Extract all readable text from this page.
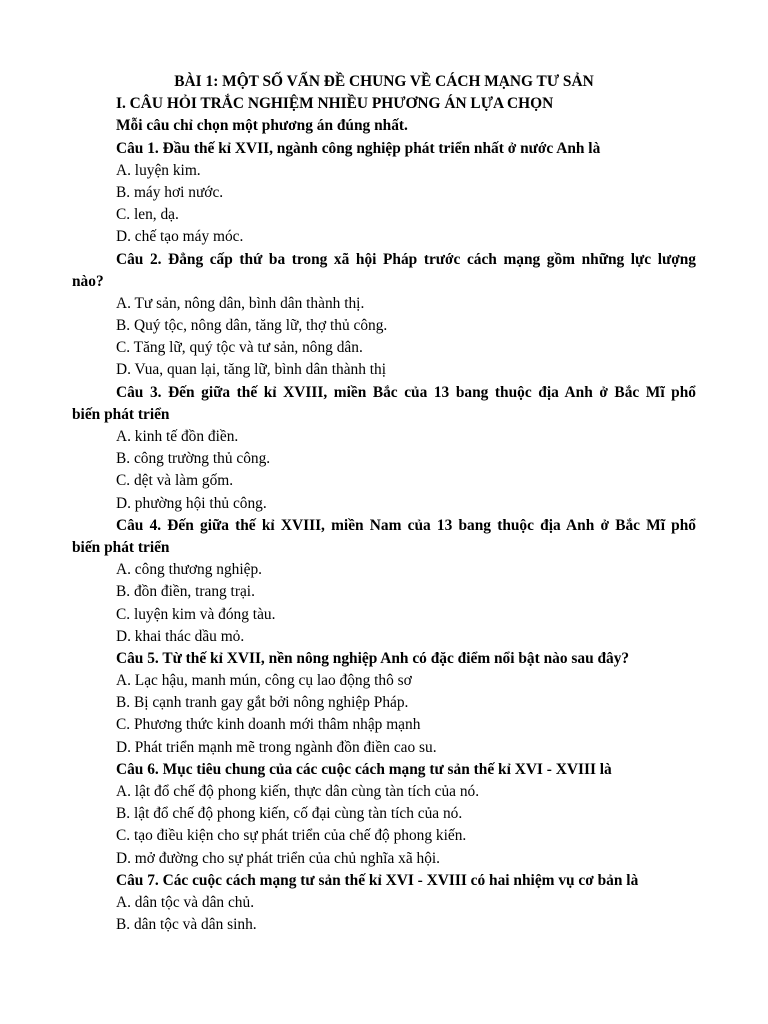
BÀI 1: MỘT SỐ VẤN ĐỀ CHUNG VỀ CÁCH MẠNG TƯ SẢN
I. CÂU HỎI TRẮC NGHIỆM NHIỀU PHƯƠNG ÁN LỰA CHỌN
Mỗi câu chỉ chọn một phương án đúng nhất.
Câu 1. Đầu thế kỉ XVII, ngành công nghiệp phát triển nhất ở nước Anh là
A. luyện kim.
B. máy hơi nước.
C. len, dạ.
D. chế tạo máy móc.
Câu 2. Đẳng cấp thứ ba trong xã hội Pháp trước cách mạng gồm những lực lượng
nào?
A. Tư sản, nông dân, bình dân thành thị.
B. Quý tộc, nông dân, tăng lữ, thợ thủ công.
C. Tăng lữ, quý tộc và tư sản, nông dân.
D. Vua, quan lại, tăng lữ, bình dân thành thị
Câu 3. Đến giữa thế kỉ XVIII, miền Bắc của 13 bang thuộc địa Anh ở Bắc Mĩ phổ
biến phát triển
A. kinh tế đồn điền.
B. công trường thủ công.
C. dệt và làm gốm.
D. phường hội thủ công.
Câu 4. Đến giữa thế kỉ XVIII, miền Nam của 13 bang thuộc địa Anh ở Bắc Mĩ phổ
biến phát triển
A. công thương nghiệp.
B. đồn điền, trang trại.
C. luyện kim và đóng tàu.
D. khai thác dầu mỏ.
Câu 5. Từ thế kỉ XVII, nền nông nghiệp Anh có đặc điểm nổi bật nào sau đây?
A. Lạc hậu, manh mún, công cụ lao động thô sơ
B. Bị cạnh tranh gay gắt bởi nông nghiệp Pháp.
C. Phương thức kinh doanh mới thâm nhập mạnh
D. Phát triển mạnh mẽ trong ngành đồn điền cao su.
Câu 6. Mục tiêu chung của các cuộc cách mạng tư sản thế kỉ XVI - XVIII là
A. lật đổ chế độ phong kiến, thực dân cùng tàn tích của nó.
B. lật đổ chế độ phong kiến, cố đại cùng tàn tích của nó.
C. tạo điều kiện cho sự phát triển của chế độ phong kiến.
D. mở đường cho sự phát triển của chủ nghĩa xã hội.
Câu 7. Các cuộc cách mạng tư sản thế kỉ XVI - XVIII có hai nhiệm vụ cơ bản là
A. dân tộc và dân chủ.
B. dân tộc và dân sinh.
